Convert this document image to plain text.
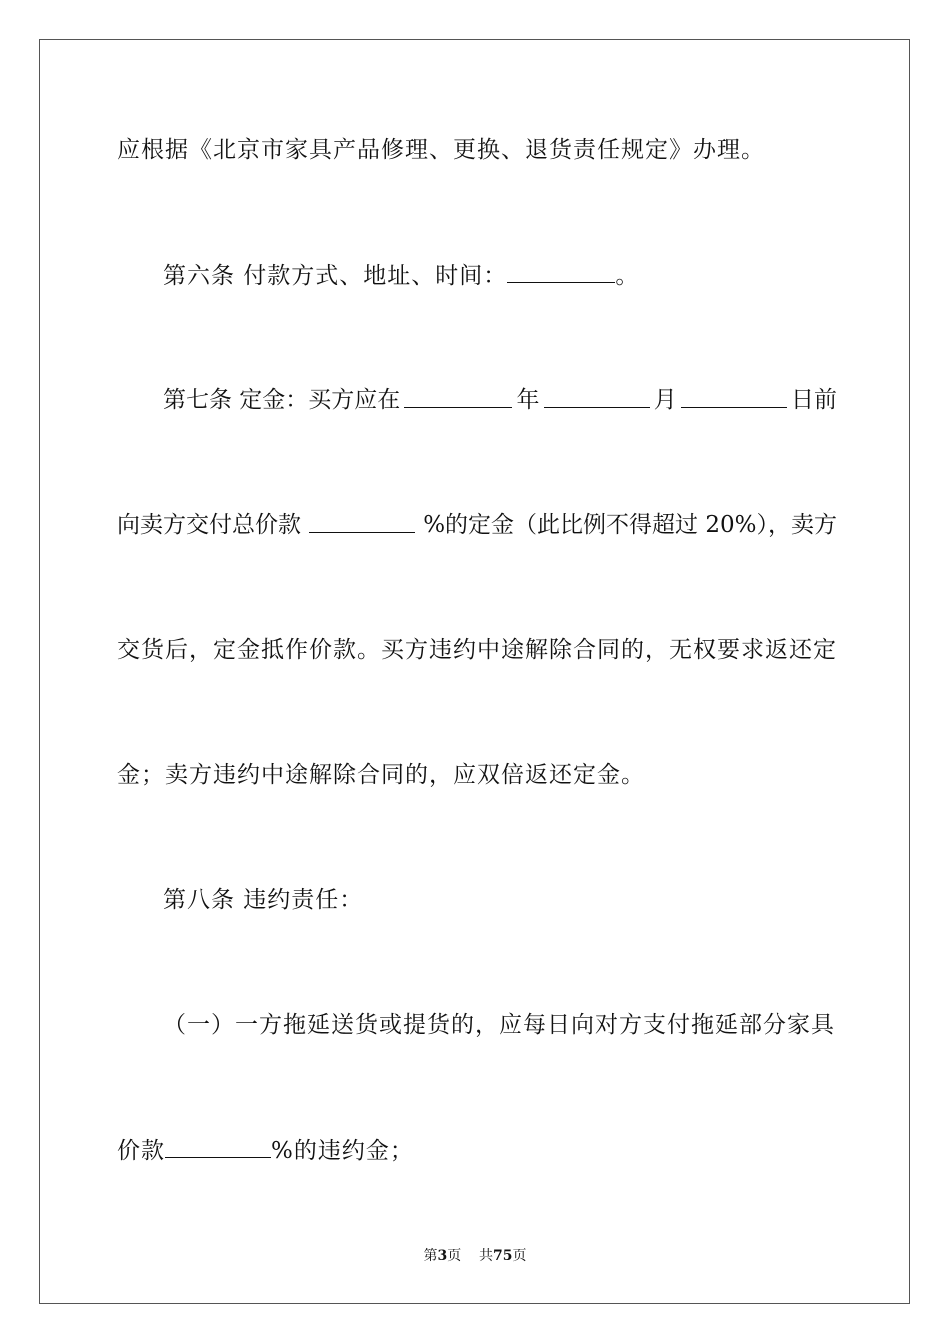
应根据《北京市家具产品修理、更换、退货责任规定》办理。
第六条 付款方式、地址、时间：	。
第七条 定金：买方应在	年	月	日前
向卖方交付总价款	%的定金（此比例不得超过 20%），卖方
交货后，定金抵作价款。买方违约中途解除合同的，无权要求返还定
金；卖方违约中途解除合同的，应双倍返还定金。
第八条 违约责任：
（一）一方拖延送货或提货的，应每日向对方支付拖延部分家具
价款	%的违约金；
第3页 共75页
